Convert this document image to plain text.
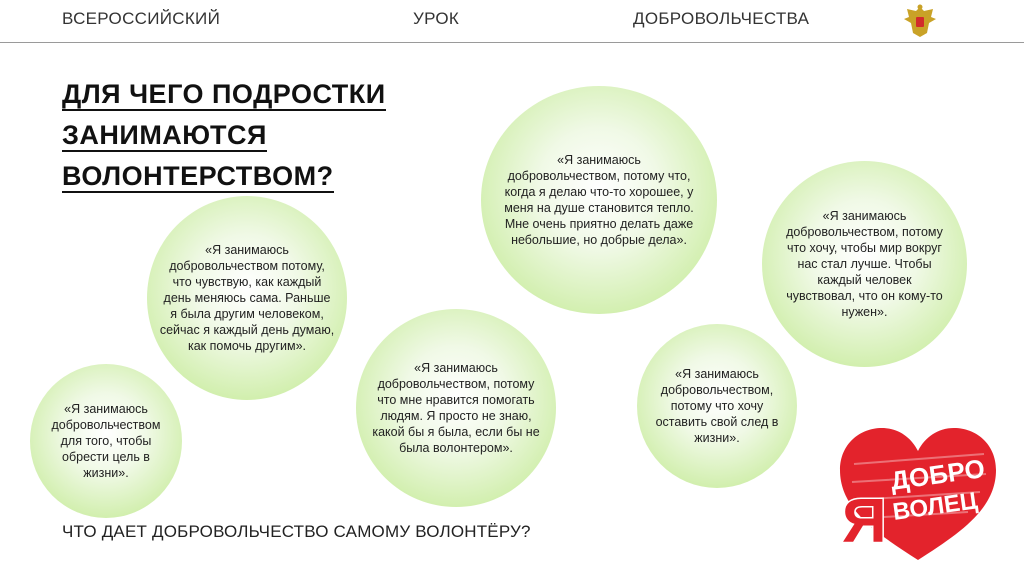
ВСЕРОССИЙСКИЙ	УРОК	ДОБРОВОЛЬЧЕСТВА
ДЛЯ ЧЕГО ПОДРОСТКИ
ЗАНИМАЮТСЯ
ВОЛОНТЕРСТВОМ?

«Я занимаюсь добровольчеством, потому что, когда я делаю что-то хорошее, у меня на душе становится тепло. Мне очень приятно делать даже небольшие, но добрые дела».

«Я занимаюсь добровольчеством, потому что хочу, чтобы мир вокруг нас стал лучше. Чтобы каждый человек чувствовал, что он кому-то нужен».

«Я занимаюсь добровольчеством потому, что чувствую, как каждый день меняюсь сама. Раньше я была другим человеком, сейчас я каждый день думаю, как помочь другим».

«Я занимаюсь добровольчеством, потому что мне нравится помогать людям. Я просто не знаю, какой бы я была, если бы не была волонтером».

«Я занимаюсь добровольчеством, потому что хочу оставить свой след в жизни».

«Я занимаюсь добровольчеством для того, чтобы обрести цель в жизни».

ЧТО ДАЕТ ДОБРОВОЛЬЧЕСТВО САМОМУ ВОЛОНТЁРУ?	Я
ДОБРО
ВОЛЕЦ
